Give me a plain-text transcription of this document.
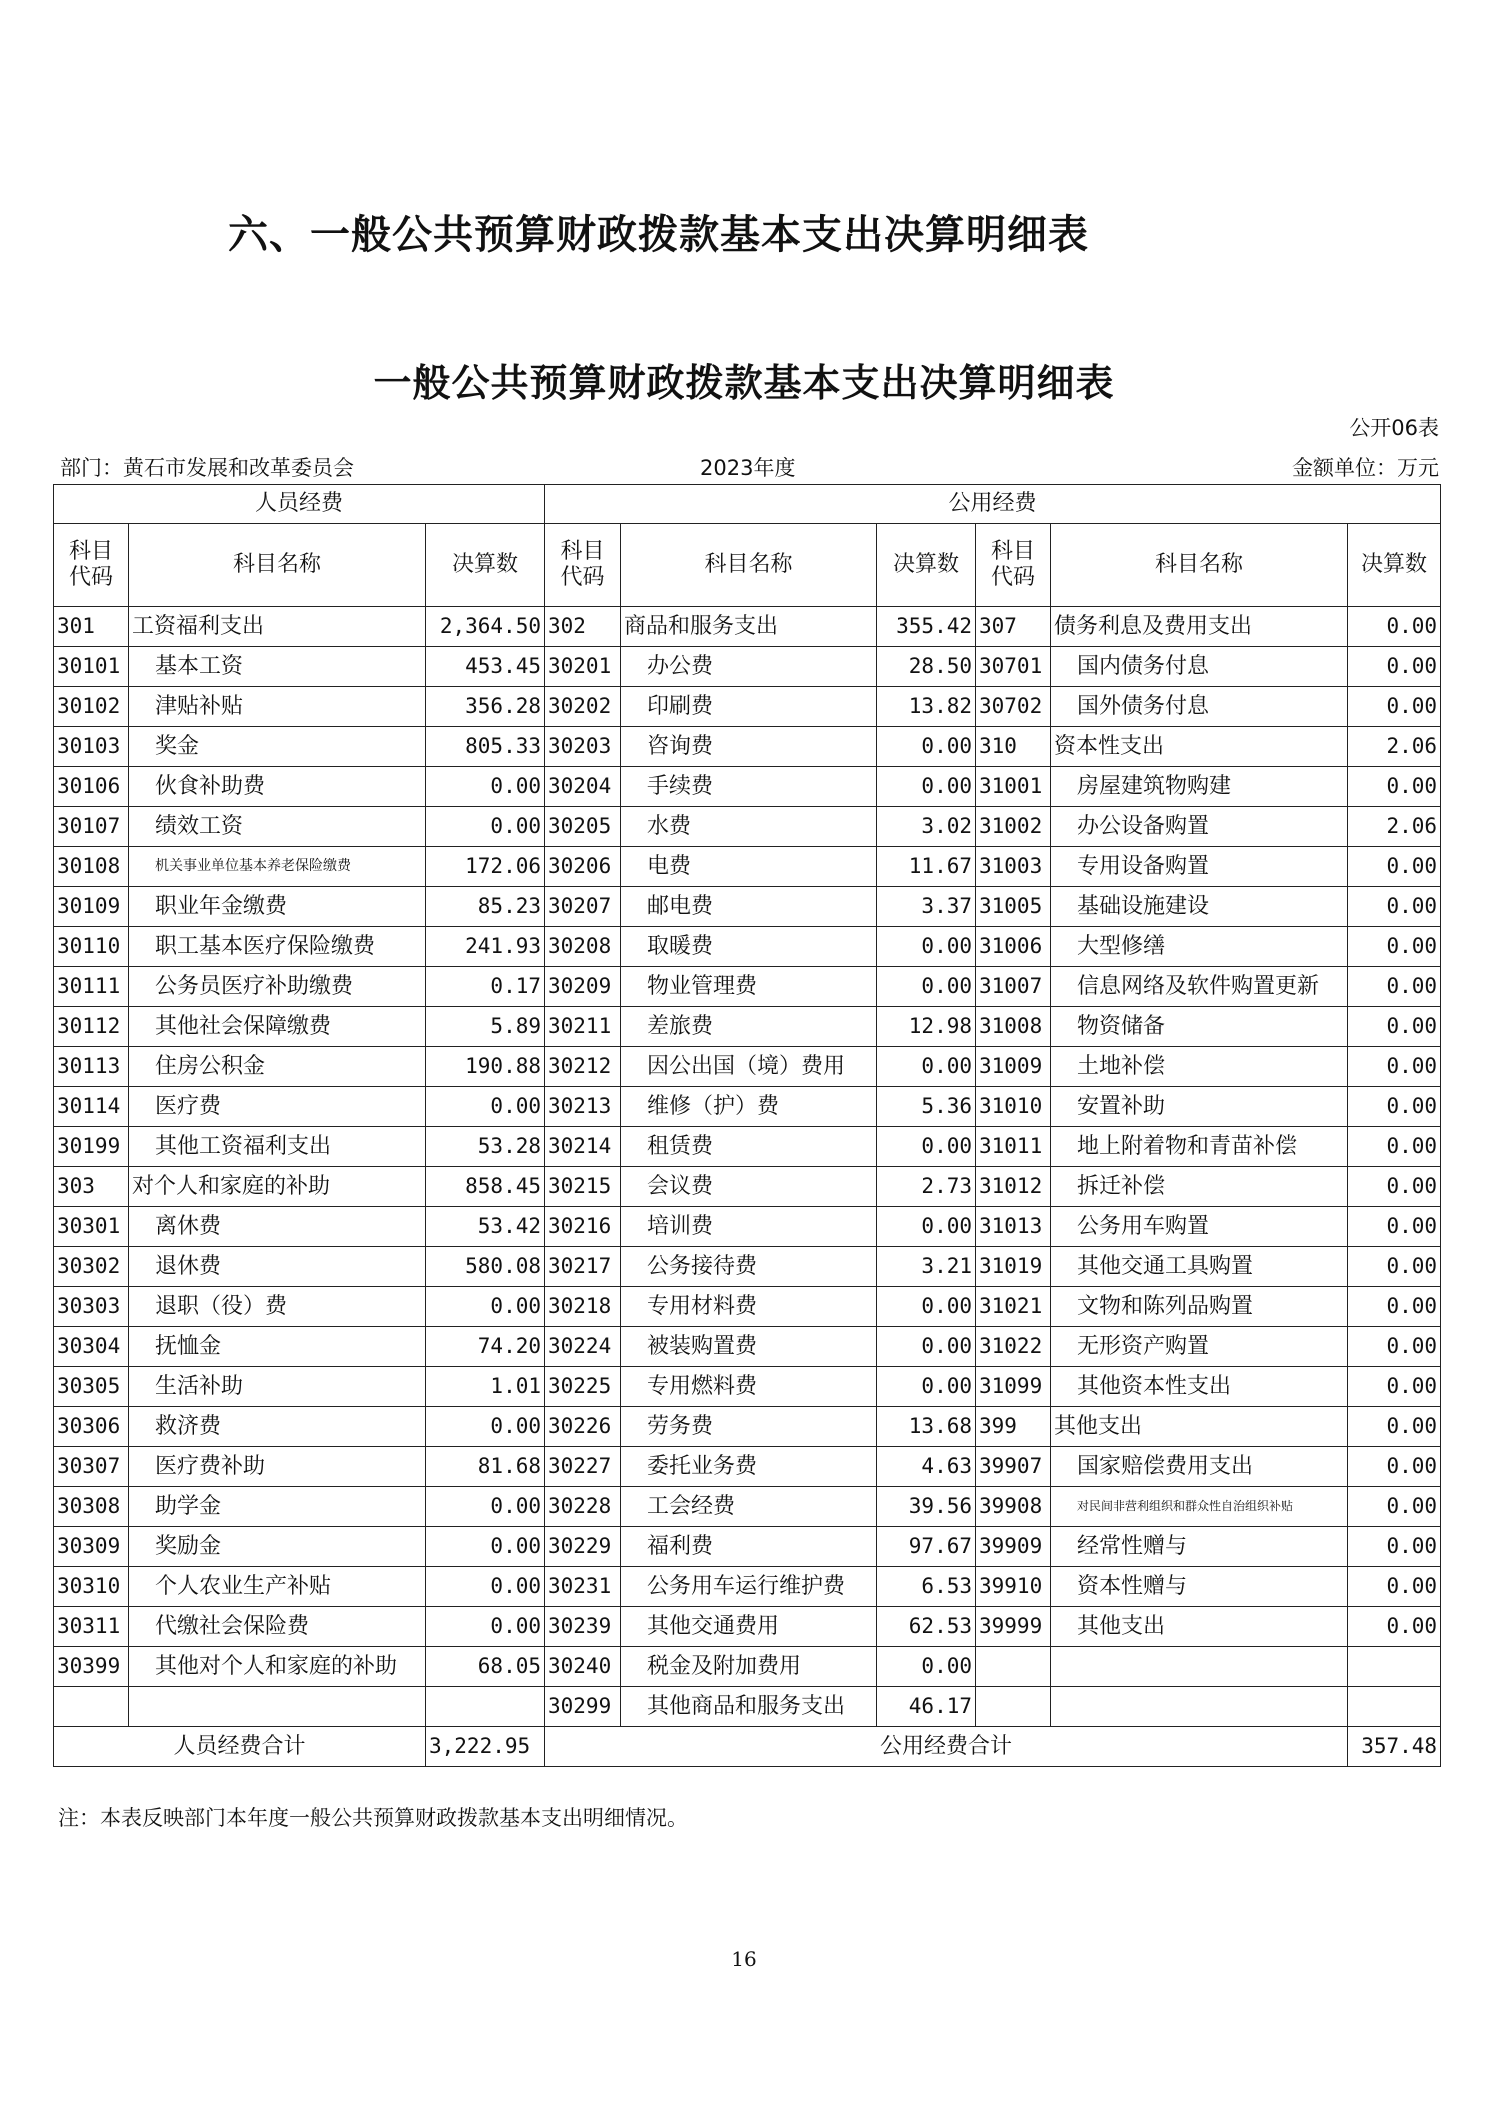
六、一般公共预算财政拨款基本支出决算明细表
一般公共预算财政拨款基本支出决算明细表
公开06表
部门：黄石市发展和改革委员会	2023年度	金额单位：万元
人员经费			公用经费					
科目
代码	科目名称	决算数	科目
代码	科目名称	决算数	科目
代码	科目名称	决算数
301	工资福利支出	2,364.50	302	商品和服务支出	355.42	307	债务利息及费用支出	0.00
30101	基本工资	453.45	30201	办公费	28.50	30701	国内债务付息	0.00
30102	津贴补贴	356.28	30202	印刷费	13.82	30702	国外债务付息	0.00
30103	奖金	805.33	30203	咨询费	0.00	310	资本性支出	2.06
30106	伙食补助费	0.00	30204	手续费	0.00	31001	房屋建筑物购建	0.00
30107	绩效工资	0.00	30205	水费	3.02	31002	办公设备购置	2.06
30108	机关事业单位基本养老保险缴费	172.06	30206	电费	11.67	31003	专用设备购置	0.00
30109	职业年金缴费	85.23	30207	邮电费	3.37	31005	基础设施建设	0.00
30110	职工基本医疗保险缴费	241.93	30208	取暖费	0.00	31006	大型修缮	0.00
30111	公务员医疗补助缴费	0.17	30209	物业管理费	0.00	31007	信息网络及软件购置更新	0.00
30112	其他社会保障缴费	5.89	30211	差旅费	12.98	31008	物资储备	0.00
30113	住房公积金	190.88	30212	因公出国（境）费用	0.00	31009	土地补偿	0.00
30114	医疗费	0.00	30213	维修（护）费	5.36	31010	安置补助	0.00
30199	其他工资福利支出	53.28	30214	租赁费	0.00	31011	地上附着物和青苗补偿	0.00
303	对个人和家庭的补助	858.45	30215	会议费	2.73	31012	拆迁补偿	0.00
30301	离休费	53.42	30216	培训费	0.00	31013	公务用车购置	0.00
30302	退休费	580.08	30217	公务接待费	3.21	31019	其他交通工具购置	0.00
30303	退职（役）费	0.00	30218	专用材料费	0.00	31021	文物和陈列品购置	0.00
30304	抚恤金	74.20	30224	被装购置费	0.00	31022	无形资产购置	0.00
30305	生活补助	1.01	30225	专用燃料费	0.00	31099	其他资本性支出	0.00
30306	救济费	0.00	30226	劳务费	13.68	399	其他支出	0.00
30307	医疗费补助	81.68	30227	委托业务费	4.63	39907	国家赔偿费用支出	0.00
30308	助学金	0.00	30228	工会经费	39.56	39908	对民间非营利组织和群众性自治组织补贴	0.00
30309	奖励金	0.00	30229	福利费	97.67	39909	经常性赠与	0.00
30310	个人农业生产补贴	0.00	30231	公务用车运行维护费	6.53	39910	资本性赠与	0.00
30311	代缴社会保险费	0.00	30239	其他交通费用	62.53	39999	其他支出	0.00
30399	其他对个人和家庭的补助	68.05	30240	税金及附加费用	0.00			
			30299	其他商品和服务支出	46.17			
人员经费合计		3,222.95	公用经费合计					357.48
注：本表反映部门本年度一般公共预算财政拨款基本支出明细情况。
16
